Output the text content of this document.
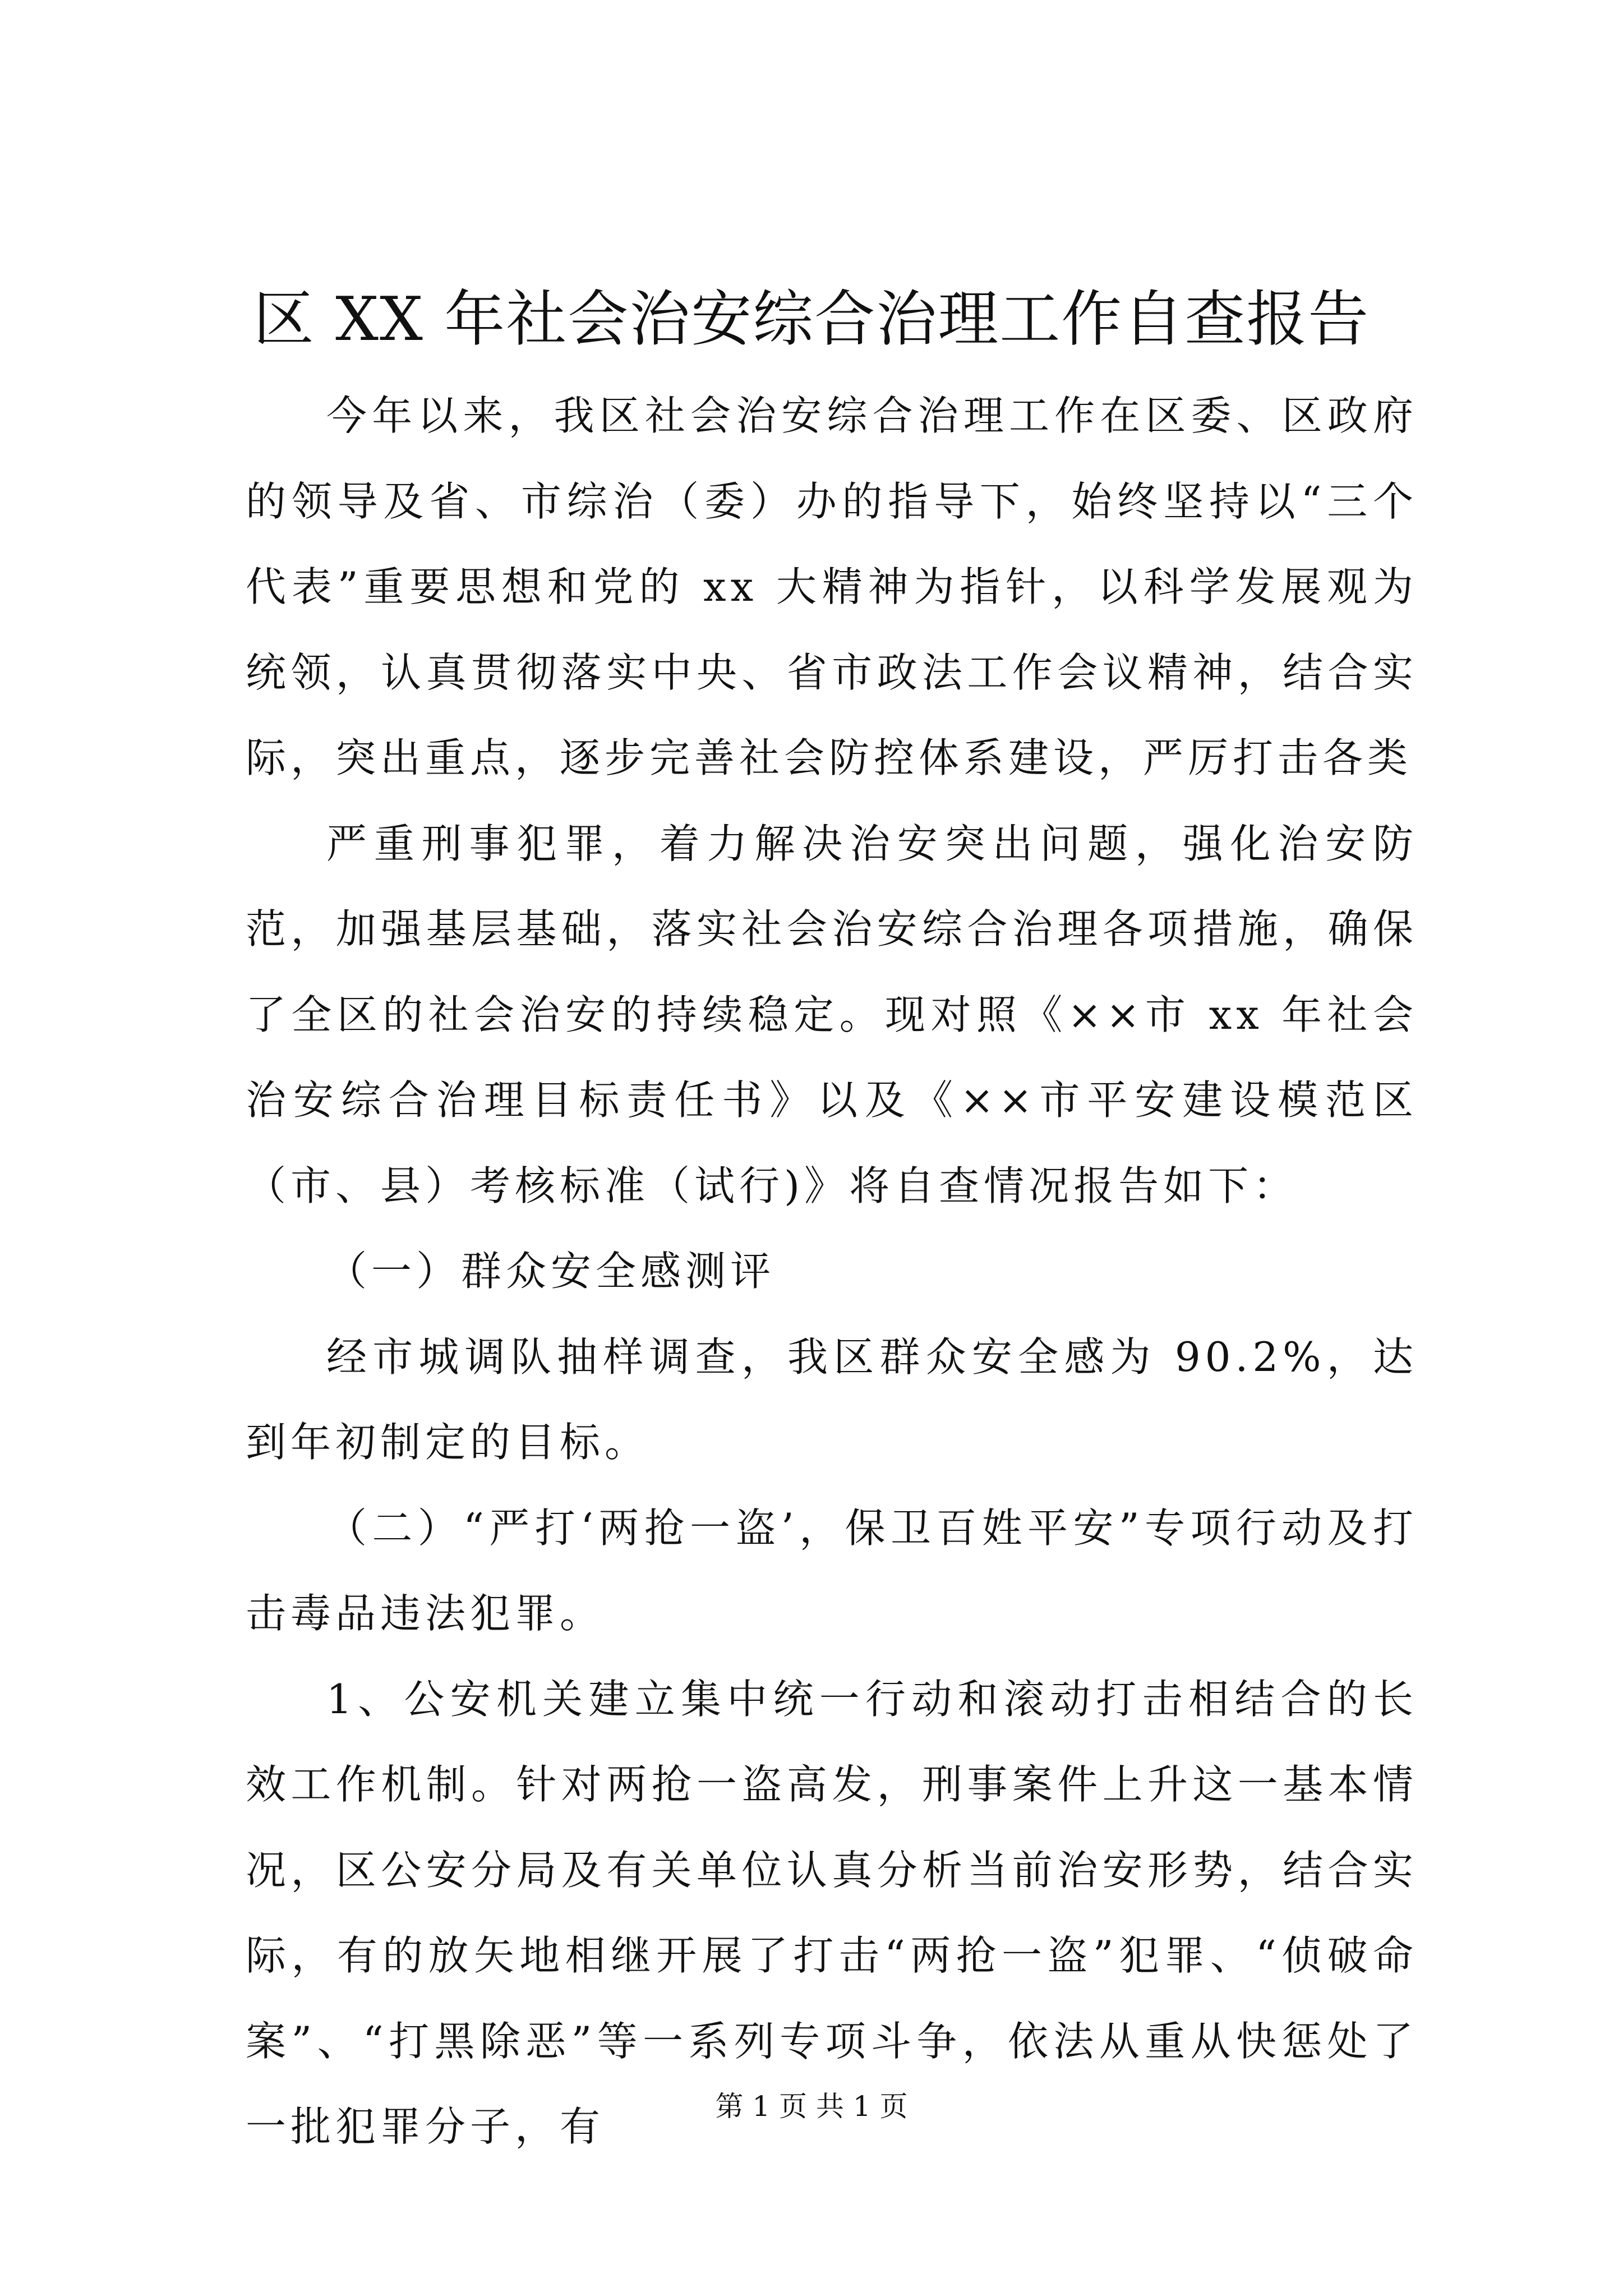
区 XX 年社会治安综合治理工作自查报告

今年以来，我区社会治安综合治理工作在区委、区政府的领导及省、市综治（委）办的指导下，始终坚持以“三个代表”重要思想和党的 xx 大精神为指针，以科学发展观为统领，认真贯彻落实中央、省市政法工作会议精神，结合实际，突出重点，逐步完善社会防控体系建设，严厉打击各类

严重刑事犯罪，着力解决治安突出问题，强化治安防范，加强基层基础，落实社会治安综合治理各项措施，确保了全区的社会治安的持续稳定。现对照《××市 xx 年社会治安综合治理目标责任书》以及《××市平安建设模范区（市、县）考核标准（试行)》将自查情况报告如下：

（一）群众安全感测评

经市城调队抽样调查，我区群众安全感为 90.2%，达到年初制定的目标。

（二）“严打‘两抢一盗’，保卫百姓平安”专项行动及打击毒品违法犯罪。

1、公安机关建立集中统一行动和滚动打击相结合的长效工作机制。针对两抢一盗高发，刑事案件上升这一基本情况，区公安分局及有关单位认真分析当前治安形势，结合实际，有的放矢地相继开展了打击“两抢一盗”犯罪、“侦破命案”、“打黑除恶”等一系列专项斗争，依法从重从快惩处了一批犯罪分子，有	第 1 页 共 1 页
